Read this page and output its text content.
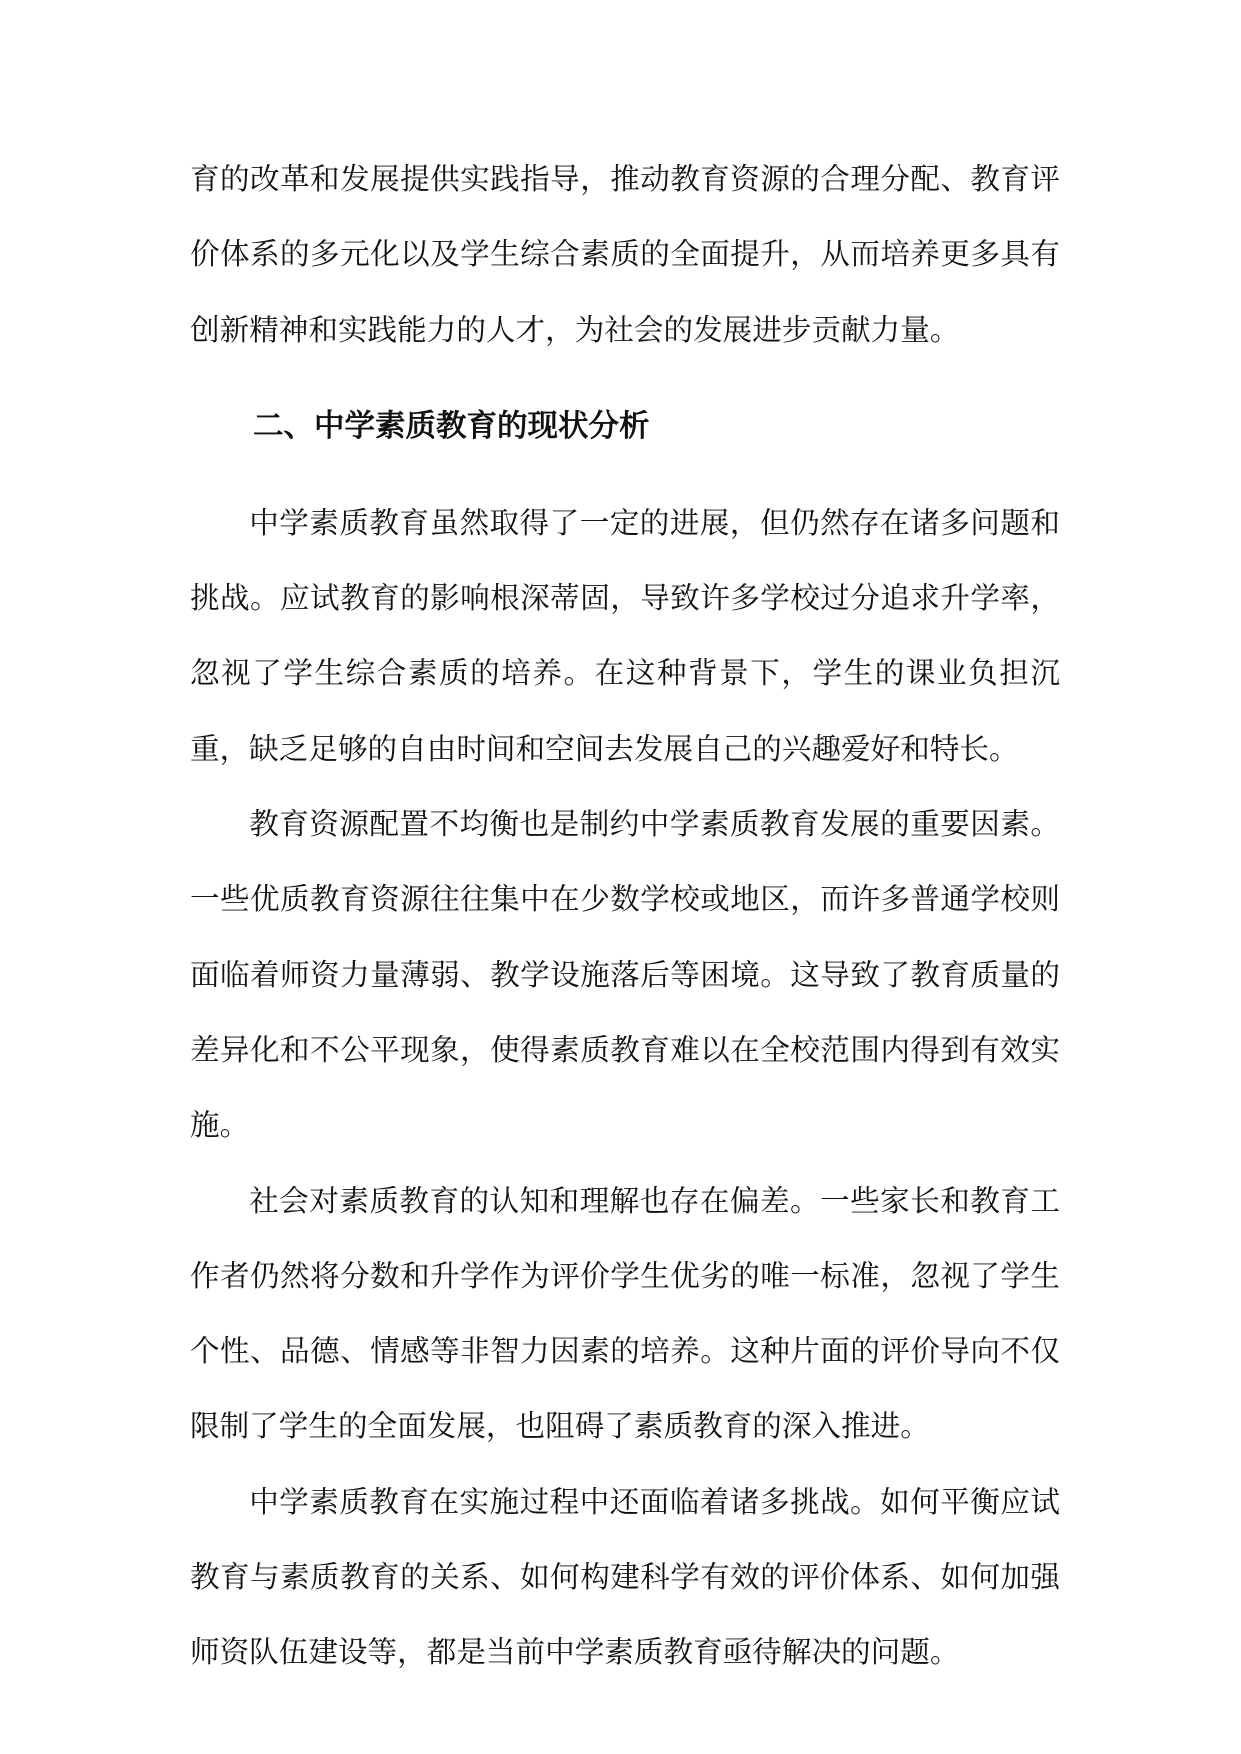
育的改革和发展提供实践指导，推动教育资源的合理分配、教育评价体系的多元化以及学生综合素质的全面提升，从而培养更多具有创新精神和实践能力的人才，为社会的发展进步贡献力量。

二、中学素质教育的现状分析

中学素质教育虽然取得了一定的进展，但仍然存在诸多问题和挑战。应试教育的影响根深蒂固，导致许多学校过分追求升学率，忽视了学生综合素质的培养。在这种背景下，学生的课业负担沉重，缺乏足够的自由时间和空间去发展自己的兴趣爱好和特长。

教育资源配置不均衡也是制约中学素质教育发展的重要因素。一些优质教育资源往往集中在少数学校或地区，而许多普通学校则面临着师资力量薄弱、教学设施落后等困境。这导致了教育质量的差异化和不公平现象，使得素质教育难以在全校范围内得到有效实施。

社会对素质教育的认知和理解也存在偏差。一些家长和教育工作者仍然将分数和升学作为评价学生优劣的唯一标准，忽视了学生个性、品德、情感等非智力因素的培养。这种片面的评价导向不仅限制了学生的全面发展，也阻碍了素质教育的深入推进。

中学素质教育在实施过程中还面临着诸多挑战。如何平衡应试教育与素质教育的关系、如何构建科学有效的评价体系、如何加强师资队伍建设等，都是当前中学素质教育亟待解决的问题。
